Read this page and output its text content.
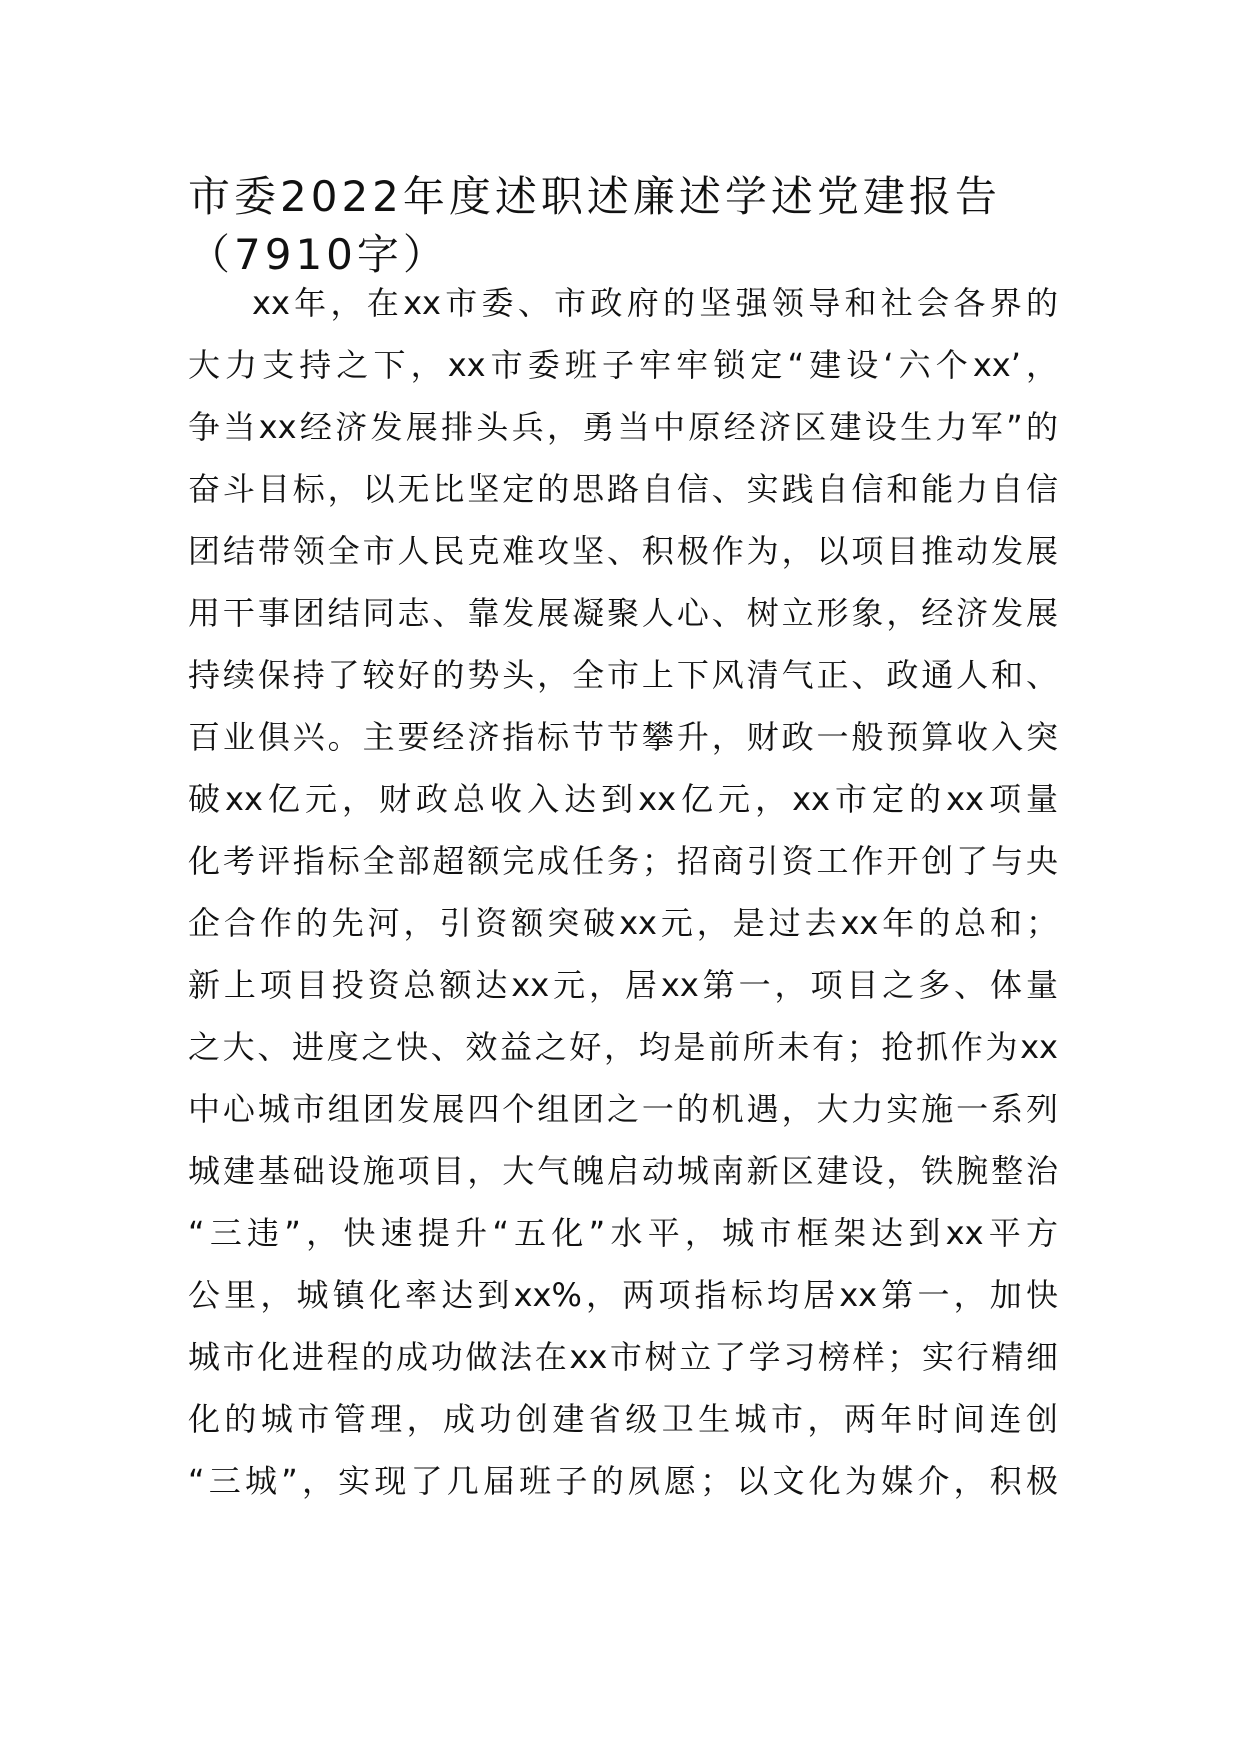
市委2022年度述职述廉述学述党建报告（7910字）
xx年，在xx市委、市政府的坚强领导和社会各界的
大力支持之下，xx市委班子牢牢锁定“建设‘六个xx’，
争当xx经济发展排头兵，勇当中原经济区建设生力军”的
奋斗目标，以无比坚定的思路自信、实践自信和能力自信
团结带领全市人民克难攻坚、积极作为，以项目推动发展
用干事团结同志、靠发展凝聚人心、树立形象，经济发展
持续保持了较好的势头，全市上下风清气正、政通人和、
百业俱兴。主要经济指标节节攀升，财政一般预算收入突
破xx亿元，财政总收入达到xx亿元，xx市定的xx项量
化考评指标全部超额完成任务；招商引资工作开创了与央
企合作的先河，引资额突破xx元，是过去xx年的总和；
新上项目投资总额达xx元，居xx第一，项目之多、体量
之大、进度之快、效益之好，均是前所未有；抢抓作为xx
中心城市组团发展四个组团之一的机遇，大力实施一系列
城建基础设施项目，大气魄启动城南新区建设，铁腕整治
“三违”，快速提升“五化”水平，城市框架达到xx平方
公里，城镇化率达到xx%，两项指标均居xx第一，加快
城市化进程的成功做法在xx市树立了学习榜样；实行精细
化的城市管理，成功创建省级卫生城市，两年时间连创
“三城”，实现了几届班子的夙愿；以文化为媒介，积极
